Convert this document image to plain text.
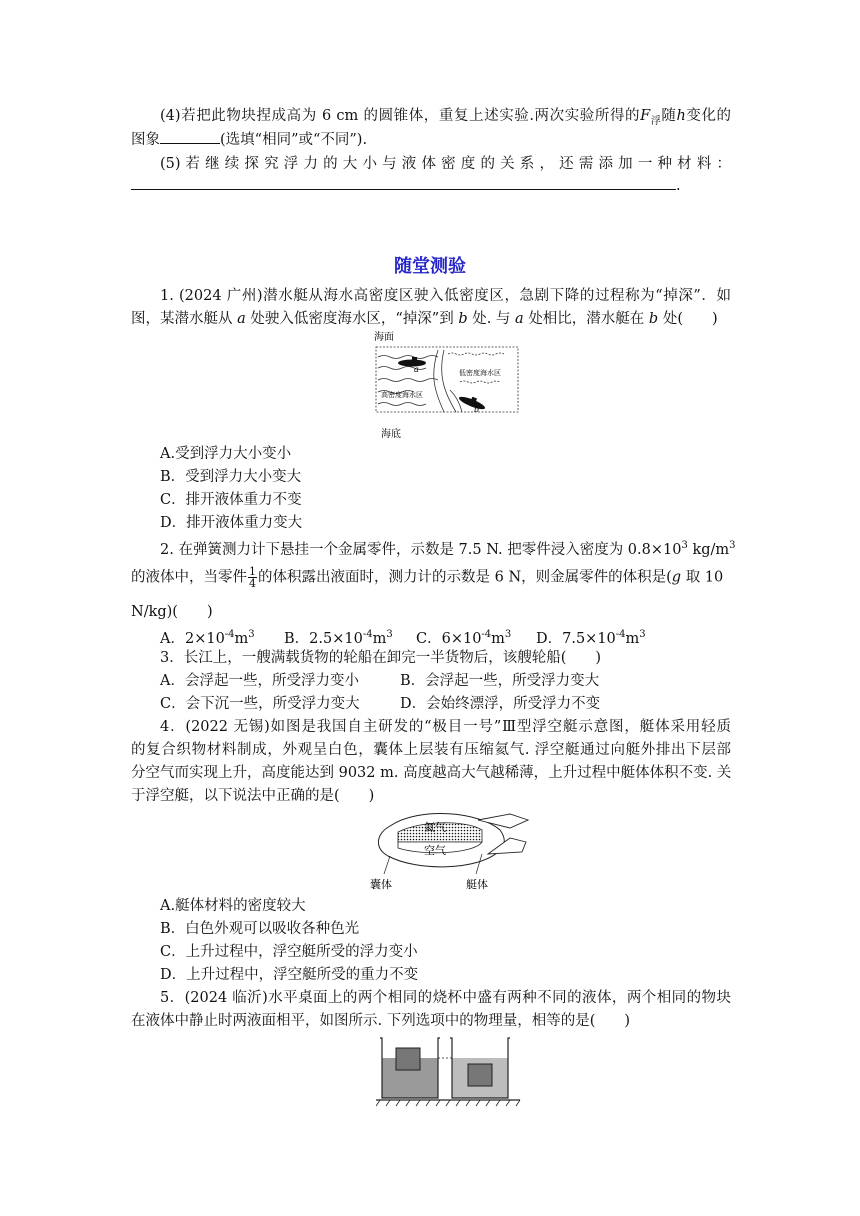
(4)若把此物块捏成高为 6 cm 的圆锥体，重复上述实验.两次实验所得的$F_浮$随h变化的
图象	(选填“相同”或“不同”).
(5) 若 继 续 探 究 浮 力 的 大 小 与 液 体 密 度 的 关 系 ， 还 需 添 加 一 种 材 料 ：
.
随堂测验
1. (2024 广州)潜水艇从海水高密度区驶入低密度区，急剧下降的过程称为“掉深”．如
图，某潜水艇从 a 处驶入低密度海水区，“掉深”到 b 处. 与 a 处相比，潜水艇在 b 处(　　)
海面
低密度海水区
高密度海水区
a
b
海底
A.受到浮力大小变小
B．受到浮力大小变大
C．排开液体重力不变
D．排开液体重力变大
2. 在弹簧测力计下悬挂一个金属零件，示数是 7.5 N. 把零件浸入密度为 $0.8\times 10^3$ $kg/m^3$
的液体中，当零件 $\frac{1}{4}$ 的体积露出液面时，测力计的示数是 6 N，则金属零件的体积是(g 取 10
N/kg)(　　)
A．$2\times 10^{-4}m^3$ B．$2.5\times 10^{-4}m^3$ C．$6\times 10^{-4}m^3$ D．$7.5\times 10^{-4}m^3$
3．长江上，一艘满载货物的轮船在卸完一半货物后，该艘轮船(　　)
A．会浮起一些，所受浮力变小	B．会浮起一些，所受浮力变大
C．会下沉一些，所受浮力变大	D．会始终漂浮，所受浮力不变
4．(2022 无锡)如图是我国自主研发的“极目一号”Ⅲ型浮空艇示意图，艇体采用轻质
的复合织物材料制成，外观呈白色，囊体上层装有压缩氦气. 浮空艇通过向艇外排出下层部
分空气而实现上升，高度能达到 9032 m. 高度越高大气越稀薄，上升过程中艇体体积不变. 关
于浮空艇，以下说法中正确的是(　　)
氦气
空气
囊体	艇体
A.艇体材料的密度较大
B．白色外观可以吸收各种色光
C．上升过程中，浮空艇所受的浮力变小
D．上升过程中，浮空艇所受的重力不变
5．(2024 临沂)水平桌面上的两个相同的烧杯中盛有两种不同的液体，两个相同的物块
在液体中静止时两液面相平，如图所示. 下列选项中的物理量，相等的是(　　)
